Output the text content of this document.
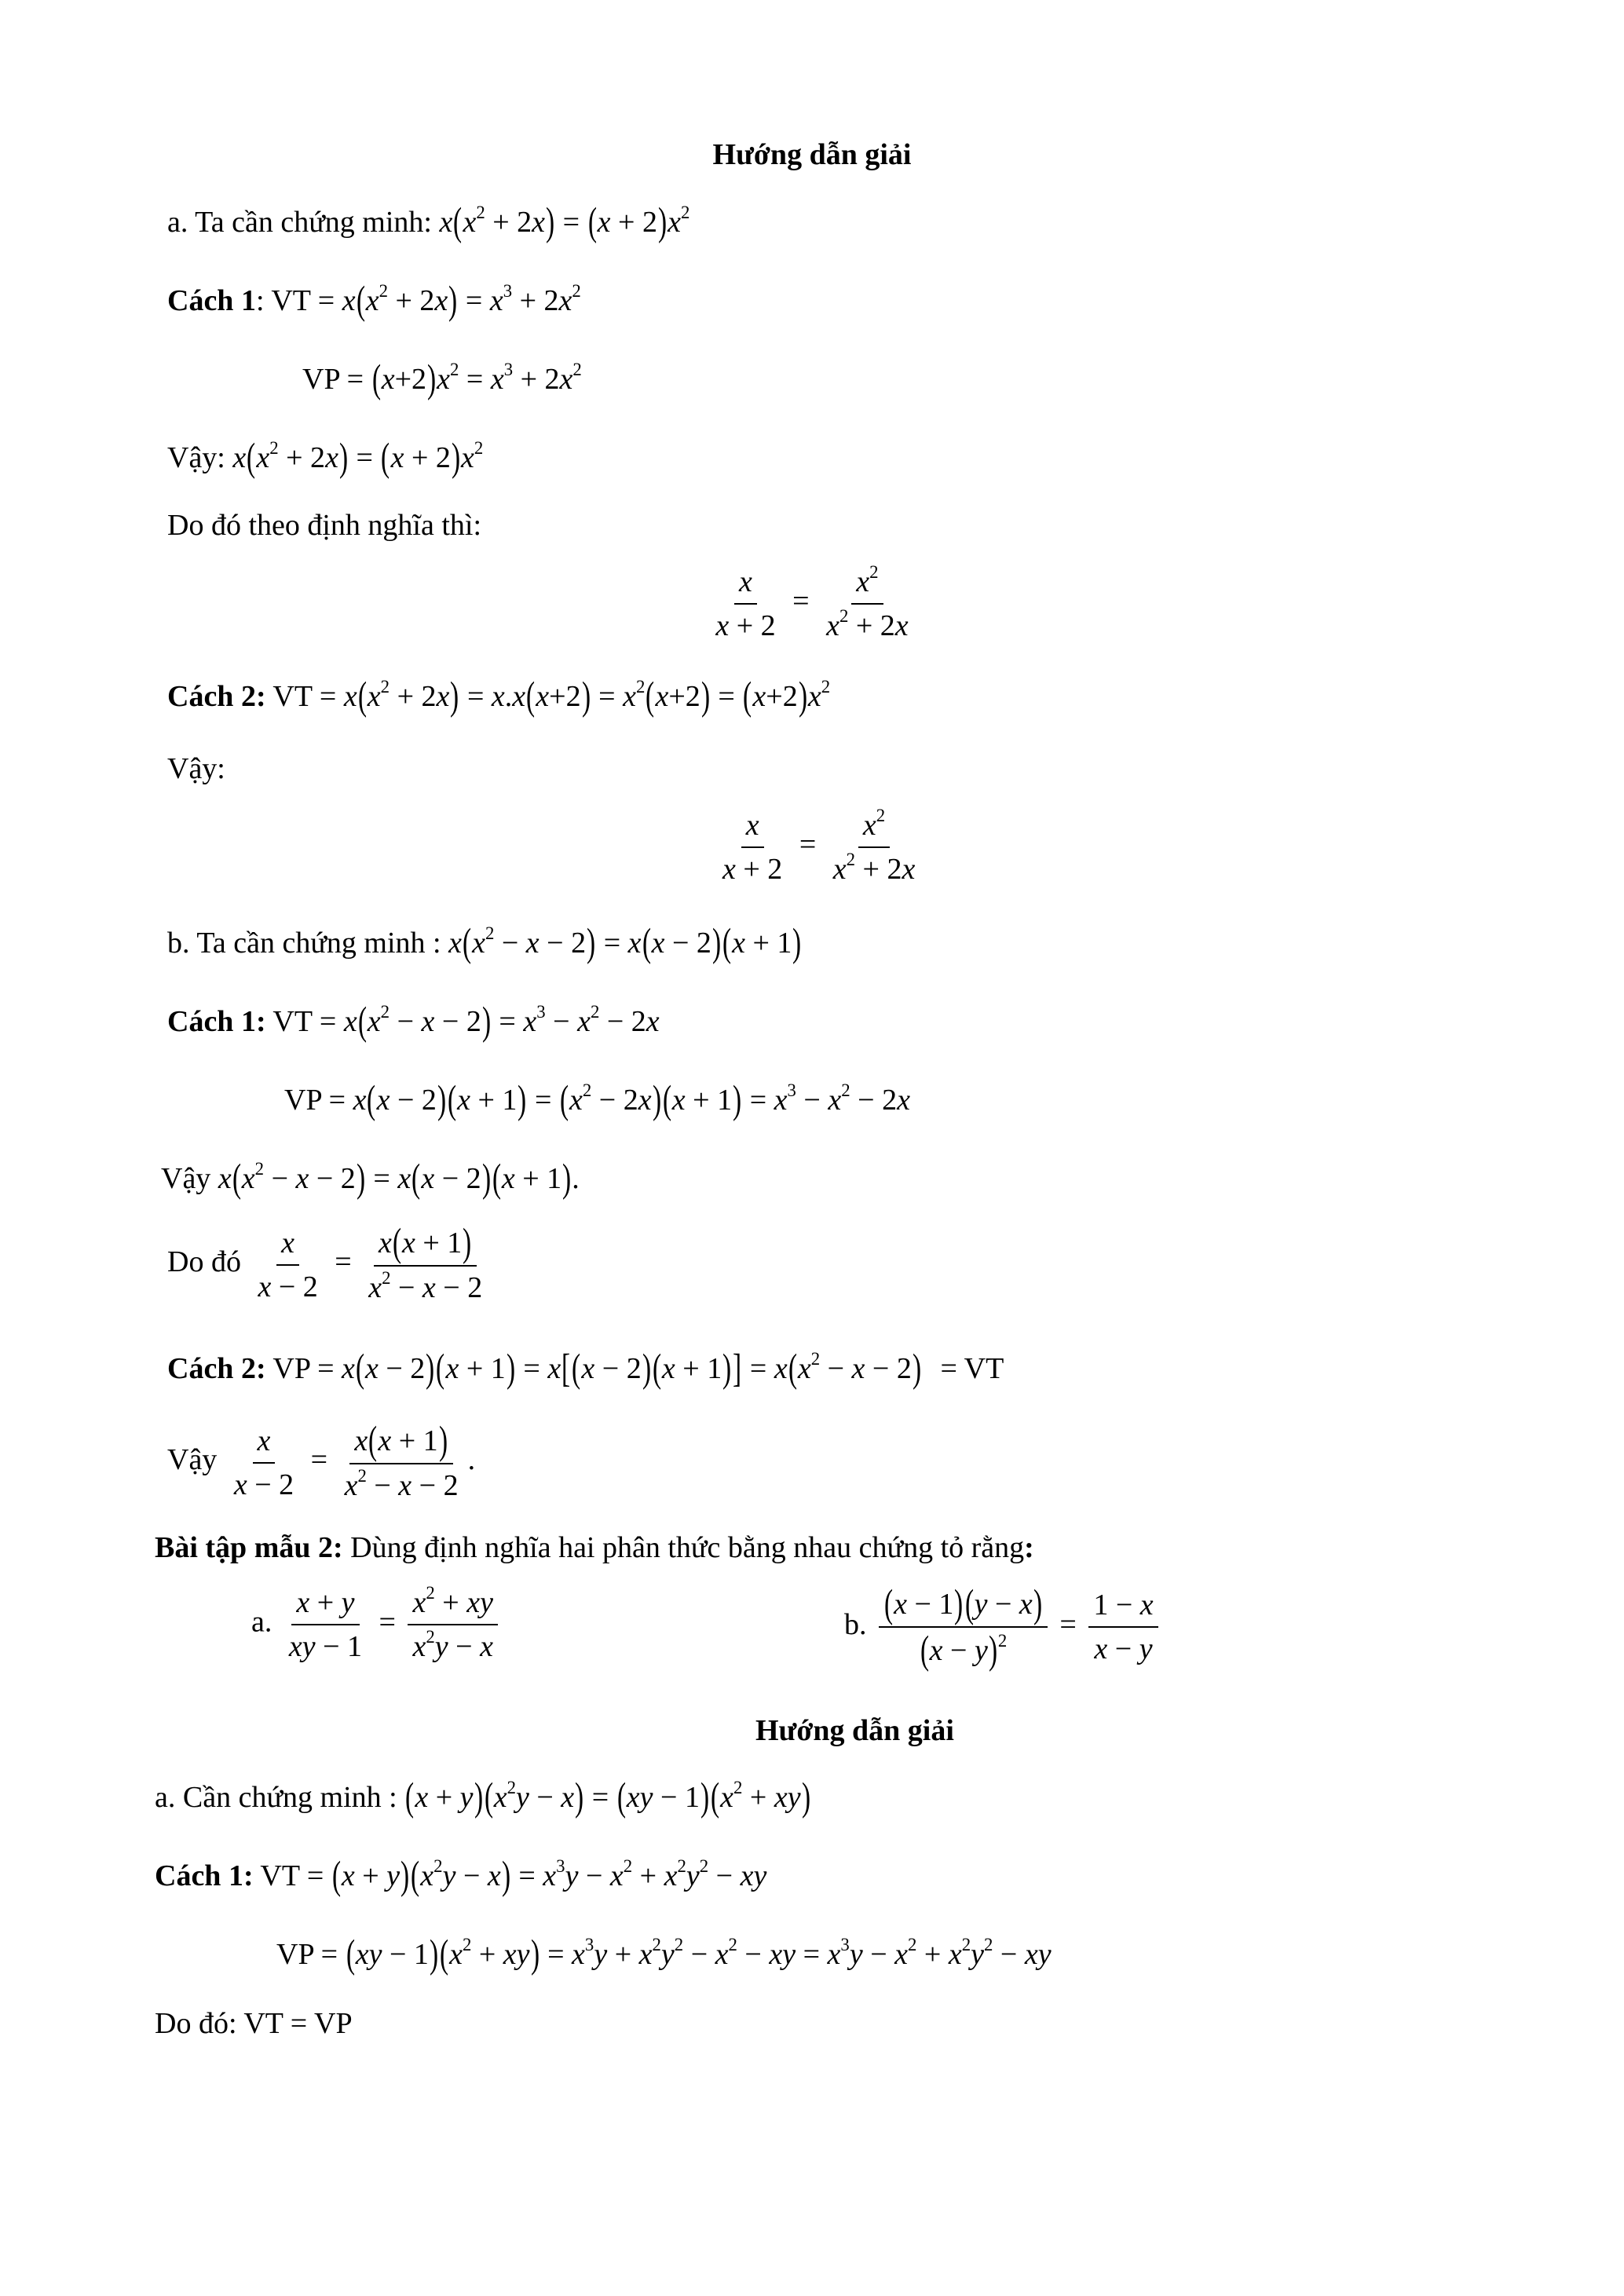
Hướng dẫn giải
a. Ta cần chứng minh: $x(x^2 + 2x) = (x + 2)x^2$
Cách 1: VT = $x(x^2 + 2x) = x^3 + 2x^2$
VP = $(x+2)x^2 = x^3 + 2x^2$
Vậy: $x(x^2 + 2x) = (x + 2)x^2$
Do đó theo định nghĩa thì:
$\frac{x}{x + 2} = \frac{x^2}{x^2 + 2x}$
Cách 2: VT = $x(x^2 + 2x) = x.x(x+2) = x^2(x+2) = (x+2)x^2$
Vậy:
$\frac{x}{x + 2} = \frac{x^2}{x^2 + 2x}$
b. Ta cần chứng minh : $x(x^2 - x - 2) = x(x - 2)(x + 1)$
Cách 1: VT = $x(x^2 - x - 2) = x^3 - x^2 - 2x$
VP = $x(x - 2)(x + 1) = (x^2 - 2x)(x + 1) = x^3 - x^2 - 2x$
Vậy $x(x^2 - x - 2) = x(x - 2)(x + 1)$.
Do đó $\frac{x}{x - 2} = \frac{x(x + 1)}{x^2 - x - 2}$
Cách 2: VP = $x(x - 2)(x + 1) = x[(x - 2)(x + 1)] = x(x^2 - x - 2)$ = VT
Vậy $\frac{x}{x - 2} = \frac{x(x + 1)}{x^2 - x - 2}$ .
Bài tập mẫu 2: Dùng định nghĩa hai phân thức bằng nhau chứng tỏ rằng:
a. $\frac{x + y}{xy - 1} = \frac{x^2 + xy}{x^2y - x}$	b. $\frac{(x - 1)(y - x)}{(x - y)^2} = \frac{1 - x}{x - y}$
Hướng dẫn giải
a. Cần chứng minh : $(x + y)(x^2y - x) = (xy - 1)(x^2 + xy)$
Cách 1: VT = $(x + y)(x^2y - x) = x^3y - x^2 + x^2y^2$ − xy
VP = $(xy - 1)(x^2 + xy) = x^3y + x^2y^2 - x^2$ − xy = $x^3y - x^2 + x^2y^2$ − xy
Do đó: VT = VP
